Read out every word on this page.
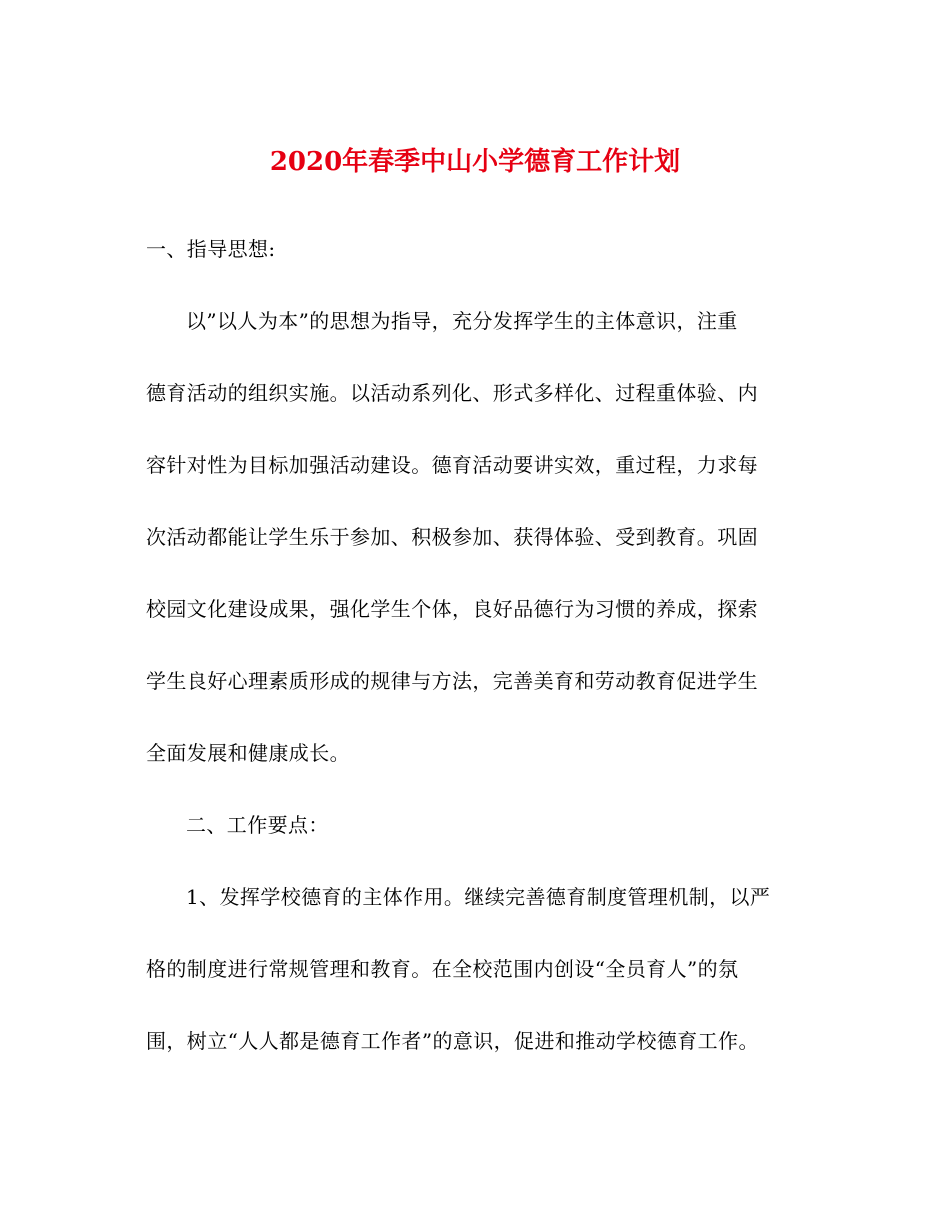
2020年春季中山小学德育工作计划

一、指导思想:

以”以人为本”的思想为指导，充分发挥学生的主体意识，注重

德育活动的组织实施。以活动系列化、形式多样化、过程重体验、内

容针对性为目标加强活动建设。德育活动要讲实效，重过程，力求每

次活动都能让学生乐于参加、积极参加、获得体验、受到教育。巩固

校园文化建设成果，强化学生个体，良好品德行为习惯的养成，探索

学生良好心理素质形成的规律与方法，完善美育和劳动教育促进学生

全面发展和健康成长。

二、工作要点：

1、发挥学校德育的主体作用。继续完善德育制度管理机制，以严

格的制度进行常规管理和教育。在全校范围内创设“全员育人”的氛

围，树立“人人都是德育工作者”的意识，促进和推动学校德育工作。
